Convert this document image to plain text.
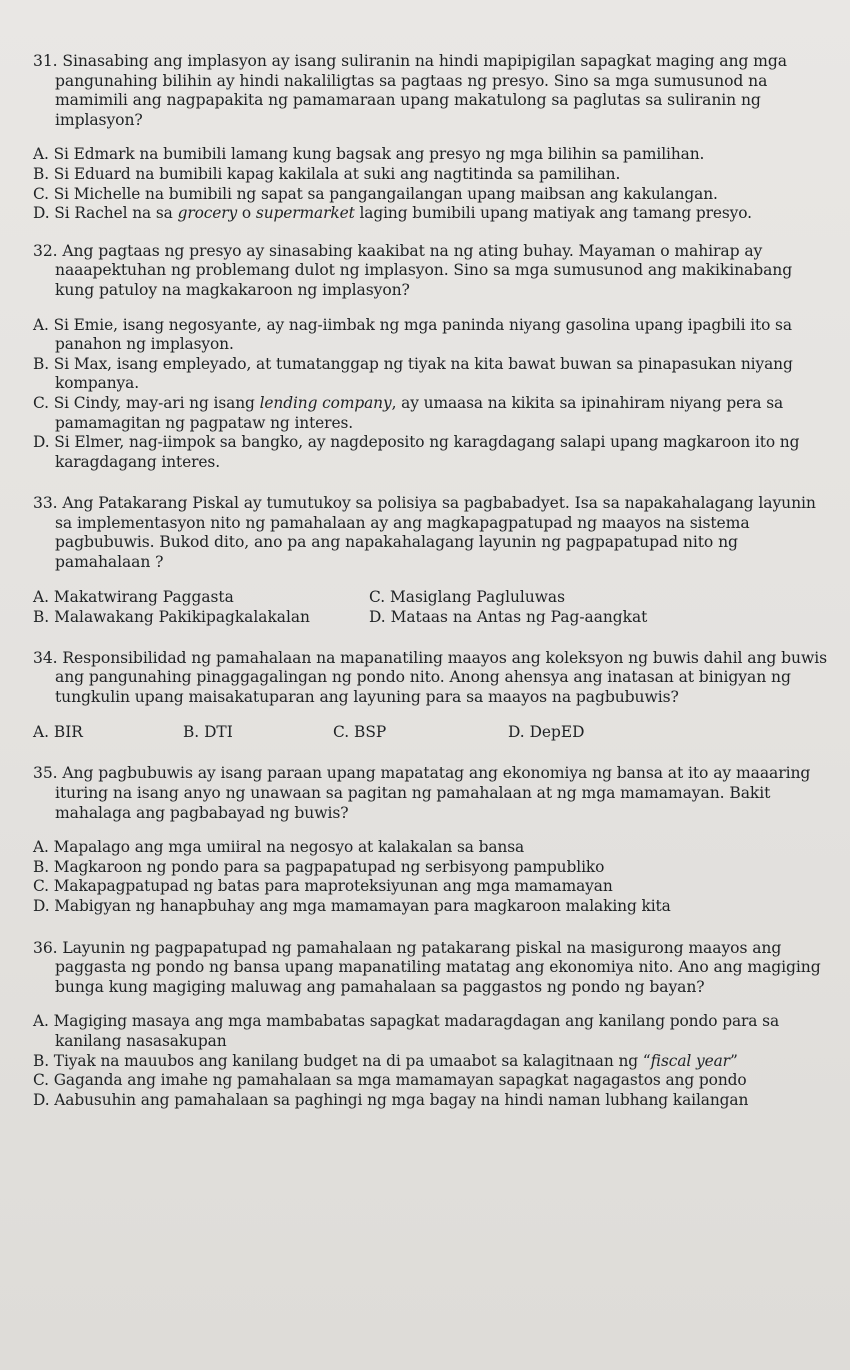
31. Sinasabing ang implasyon ay isang suliranin na hindi mapipigilan sapagkat maging ang mga pangunahing bilihin ay hindi nakaliligtas sa pagtaas ng presyo. Sino sa mga sumusunod na mamimili ang nagpapakita ng pamamaraan upang makatulong sa paglutas sa suliranin ng implasyon?

A. Si Edmark na bumibili lamang kung bagsak ang presyo ng mga bilihin sa pamilihan.
B. Si Eduard na bumibili kapag kakilala at suki ang nagtitinda sa pamilihan.
C. Si Michelle na bumibili ng sapat sa pangangailangan upang maibsan ang kakulangan.
D. Si Rachel na sa grocery o supermarket laging bumibili upang matiyak ang tamang presyo.

32. Ang pagtaas ng presyo ay sinasabing kaakibat na ng ating buhay. Mayaman o mahirap ay naaapektuhan ng problemang dulot ng implasyon. Sino sa mga sumusunod ang makikinabang kung patuloy na magkakaroon ng implasyon?

A. Si Emie, isang negosyante, ay nag-iimbak ng mga paninda niyang gasolina upang ipagbili ito sa panahon ng implasyon.
B. Si Max, isang empleyado, at tumatanggap ng tiyak na kita bawat buwan sa pinapasukan niyang kompanya.
C. Si Cindy, may-ari ng isang lending company, ay umaasa na kikita sa ipinahiram niyang pera sa pamamagitan ng pagpataw ng interes.
D. Si Elmer, nag-iimpok sa bangko, ay nagdeposito ng karagdagang salapi upang magkaroon ito ng karagdagang interes.

33. Ang Patakarang Piskal ay tumutukoy sa polisiya sa pagbabadyet. Isa sa napakahalagang layunin sa implementasyon nito ng pamahalaan ay ang magkapagpatupad ng maayos na sistema pagbubuwis. Bukod dito, ano pa ang napakahalagang layunin ng pagpapatupad nito ng pamahalaan ?

A. Makatwirang Paggasta	C. Masiglang Pagluluwas
B. Malawakang Pakikipagkalakalan	D. Mataas na Antas ng Pag-aangkat

34. Responsibilidad ng pamahalaan na mapanatiling maayos ang koleksyon ng buwis dahil ang buwis ang pangunahing pinaggagalingan ng pondo nito. Anong ahensya ang inatasan at binigyan ng tungkulin upang maisakatuparan ang layuning para sa maayos na pagbubuwis?

A. BIR	B. DTI	C. BSP	D. DepED

35. Ang pagbubuwis ay isang paraan upang mapatatag ang ekonomiya ng bansa at ito ay maaaring ituring na isang anyo ng unawaan sa pagitan ng pamahalaan at ng mga mamamayan. Bakit mahalaga ang pagbabayad ng buwis?

A. Mapalago ang mga umiiral na negosyo at kalakalan sa bansa
B. Magkaroon ng pondo para sa pagpapatupad ng serbisyong pampubliko
C. Makapagpatupad ng batas para maproteksiyunan ang mga mamamayan
D. Mabigyan ng hanapbuhay ang mga mamamayan para magkaroon malaking kita

36. Layunin ng pagpapatupad ng pamahalaan ng patakarang piskal na masigurong maayos ang paggasta ng pondo ng bansa upang mapanatiling matatag ang ekonomiya nito. Ano ang magiging bunga kung magiging maluwag ang pamahalaan sa paggastos ng pondo ng bayan?

A. Magiging masaya ang mga mambabatas sapagkat madaragdagan ang kanilang pondo para sa kanilang nasasakupan
B. Tiyak na mauubos ang kanilang budget na di pa umaabot sa kalagitnaan ng “fiscal year”
C. Gaganda ang imahe ng pamahalaan sa mga mamamayan sapagkat nagagastos ang pondo
D. Aabusuhin ang pamahalaan sa paghingi ng mga bagay na hindi naman lubhang kailangan
